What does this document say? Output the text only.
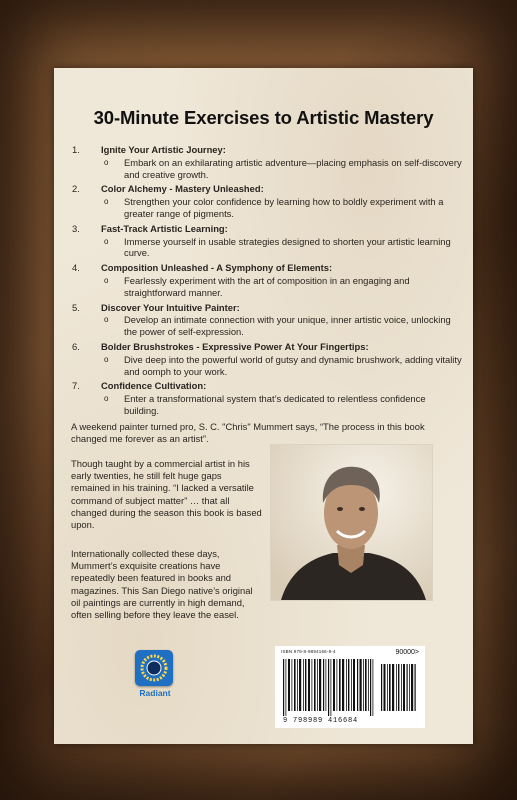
30-Minute Exercises to Artistic Mastery
1. Ignite Your Artistic Journey:
o Embark on an exhilarating artistic adventure—placing emphasis on self-discovery and creative growth.
2. Color Alchemy - Mastery Unleashed:
o Strengthen your color confidence by learning how to boldly experiment with a greater range of pigments.
3. Fast-Track Artistic Learning:
o Immerse yourself in usable strategies designed to shorten your artistic learning curve.
4. Composition Unleashed - A Symphony of Elements:
o Fearlessly experiment with the art of composition in an engaging and straightforward manner.
5. Discover Your Intuitive Painter:
o Develop an intimate connection with your unique, inner artistic voice, unlocking the power of self-expression.
6. Bolder Brushstrokes - Expressive Power At Your Fingertips:
o Dive deep into the powerful world of gutsy and dynamic brushwork, adding vitality and oomph to your work.
7. Confidence Cultivation:
o Enter a transformational system that’s dedicated to relentless confidence building.
A weekend painter turned pro, S. C. "Chris" Mummert says, “The process in this book changed me forever as an artist”.
Though taught by a commercial artist in his early twenties, he still felt huge gaps remained in his training. “I lacked a versatile command of subject matter” … that all changed during the season this book is based upon.
Internationally collected these days, Mummert’s exquisite creations have repeatedly been featured in books and magazines. This San Diego native’s original oil paintings are currently in high demand, often selling before they leave the easel.
Radiant
ISBN 979-8-9894166-8-4	90000>
9 798989 416684
